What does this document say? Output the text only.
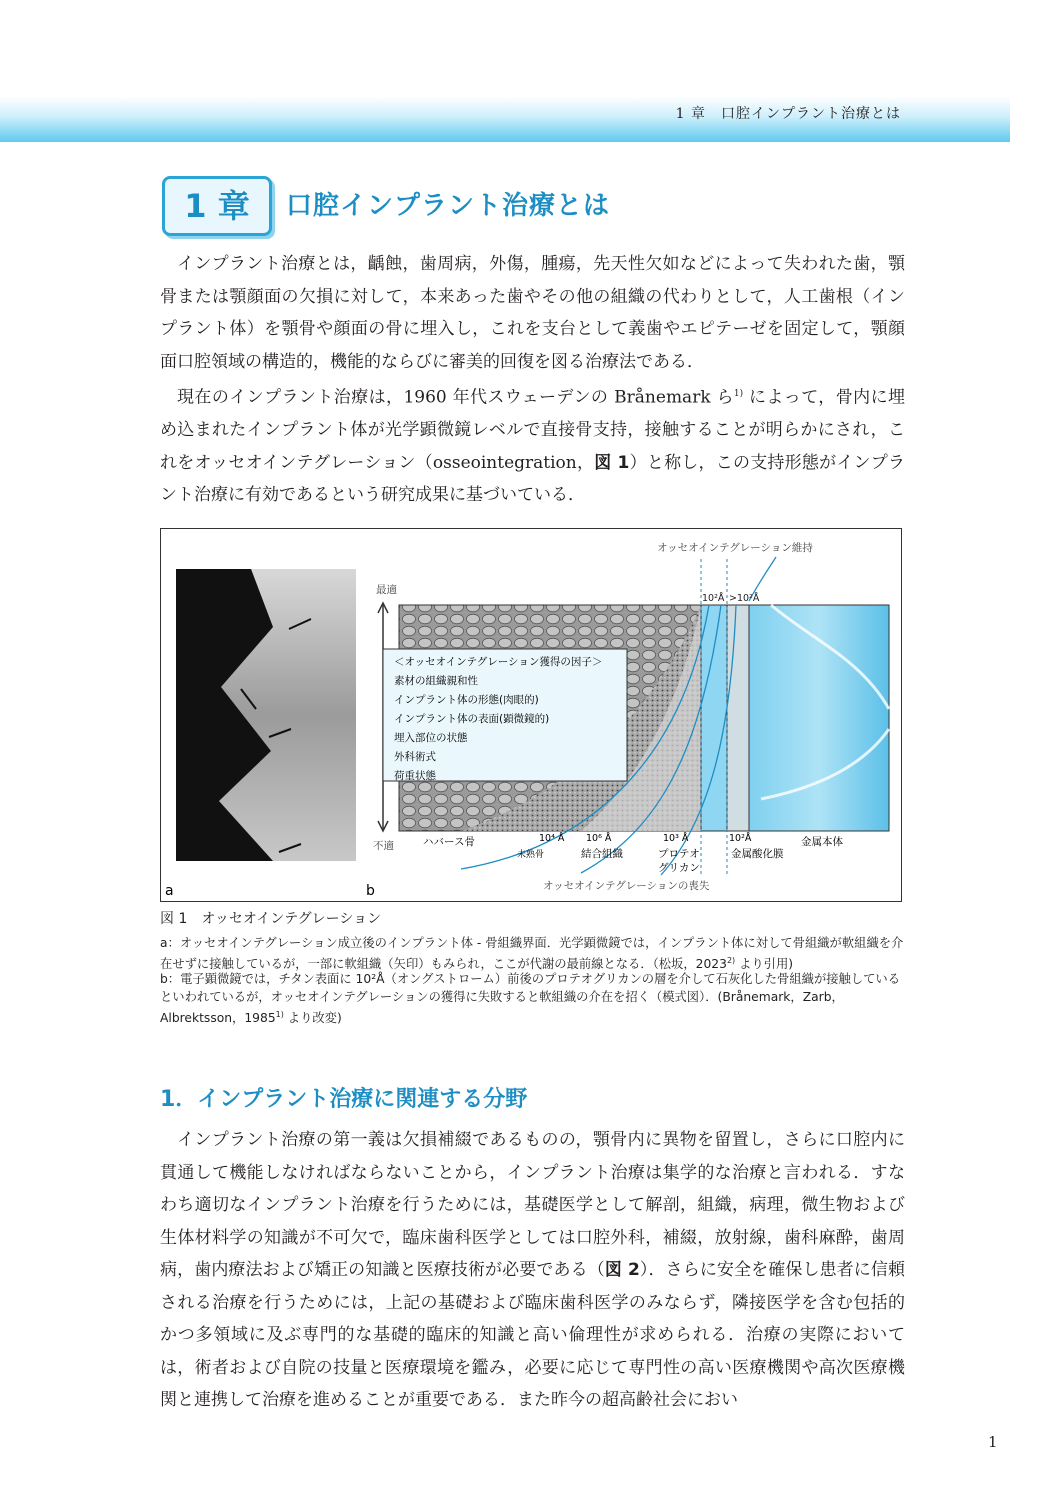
1 章　口腔インプラント治療とは
1 章	口腔インプラント治療とは
インプラント治療とは，齲蝕，歯周病，外傷，腫瘍，先天性欠如などによって失われた歯，顎骨または顎顔面の欠損に対して，本来あった歯やその他の組織の代わりとして，人工歯根（インプラント体）を顎骨や顔面の骨に埋入し，これを支台として義歯やエピテーゼを固定して，顎顔面口腔領域の構造的，機能的ならびに審美的回復を図る治療法である．
現在のインプラント治療は，1960 年代スウェーデンの Brånemark ら$^{1)}$ によって，骨内に埋め込まれたインプラント体が光学顕微鏡レベルで直接骨支持，接触することが明らかにされ，これをオッセオインテグレーション（osseointegration，図 1）と称し，この支持形態がインプラント治療に有効であるという研究成果に基づいている．
a	b
最適
不適
オッセオインテグレーション維持
10²Å >10²Å
＜オッセオインテグレーション獲得の因子＞
素材の組織親和性
インプラント体の形態(肉眼的)
インプラント体の表面(顕微鏡的)
埋入部位の状態
外科術式
荷重状態
ハバース骨	10⁴ Å
未熟骨
10⁶ Å
結合組織
10³ Å
プロテオ
グリカン
10²Å
金属酸化膜
金属本体
オッセオインテグレーションの喪失
図 1　オッセオインテグレーション
a：オッセオインテグレーション成立後のインプラント体 - 骨組織界面．光学顕微鏡では，インプラント体に対して骨組織が軟組織を介在せずに接触しているが，一部に軟組織（矢印）もみられ，ここが代謝の最前線となる．（松坂，2023$^{2)}$ より引用)
b：電子顕微鏡では，チタン表面に 10²Å（オングストローム）前後のプロテオグリカンの層を介して石灰化した骨組織が接触しているといわれているが，オッセオインテグレーションの獲得に失敗すると軟組織の介在を招く（模式図）．(Brånemark，Zarb，Albrektsson，1985$^{1)}$ より改変)
1．インプラント治療に関連する分野
インプラント治療の第一義は欠損補綴であるものの，顎骨内に異物を留置し，さらに口腔内に貫通して機能しなければならないことから，インプラント治療は集学的な治療と言われる．すなわち適切なインプラント治療を行うためには，基礎医学として解剖，組織，病理，微生物および生体材料学の知識が不可欠で，臨床歯科医学としては口腔外科，補綴，放射線，歯科麻酔，歯周病，歯内療法および矯正の知識と医療技術が必要である（図 2）．さらに安全を確保し患者に信頼される治療を行うためには，上記の基礎および臨床歯科医学のみならず，隣接医学を含む包括的かつ多領域に及ぶ専門的な基礎的臨床的知識と高い倫理性が求められる．治療の実際においては，術者および自院の技量と医療環境を鑑み，必要に応じて専門性の高い医療機関や高次医療機関と連携して治療を進めることが重要である．また昨今の超高齢社会におい
1
